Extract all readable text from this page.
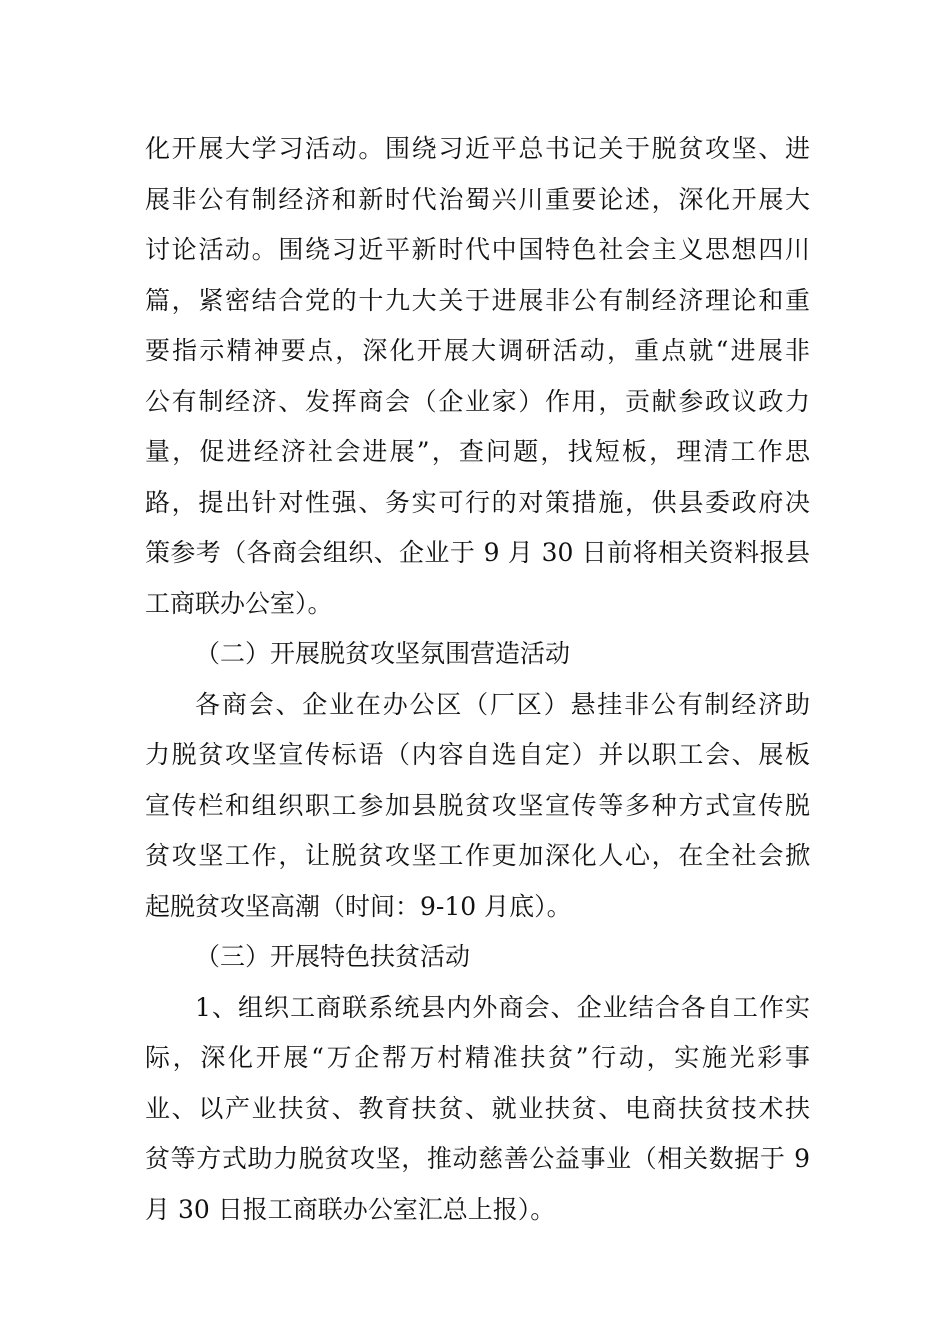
化开展大学习活动。围绕习近平总书记关于脱贫攻坚、进
展非公有制经济和新时代治蜀兴川重要论述，深化开展大
讨论活动。围绕习近平新时代中国特色社会主义思想四川
篇，紧密结合党的十九大关于进展非公有制经济理论和重
要指示精神要点，深化开展大调研活动，重点就“进展非
公有制经济、发挥商会（企业家）作用，贡献参政议政力
量，促进经济社会进展”，查问题，找短板，理清工作思
路，提出针对性强、务实可行的对策措施，供县委政府决
策参考（各商会组织、企业于 9 月 30 日前将相关资料报县
工商联办公室）。
（二）开展脱贫攻坚氛围营造活动
各商会、企业在办公区（厂区）悬挂非公有制经济助
力脱贫攻坚宣传标语（内容自选自定）并以职工会、展板
宣传栏和组织职工参加县脱贫攻坚宣传等多种方式宣传脱
贫攻坚工作，让脱贫攻坚工作更加深化人心，在全社会掀
起脱贫攻坚高潮（时间：9-10 月底）。
（三）开展特色扶贫活动
1、组织工商联系统县内外商会、企业结合各自工作实
际，深化开展“万企帮万村精准扶贫”行动，实施光彩事
业、以产业扶贫、教育扶贫、就业扶贫、电商扶贫技术扶
贫等方式助力脱贫攻坚，推动慈善公益事业（相关数据于 9
月 30 日报工商联办公室汇总上报）。
